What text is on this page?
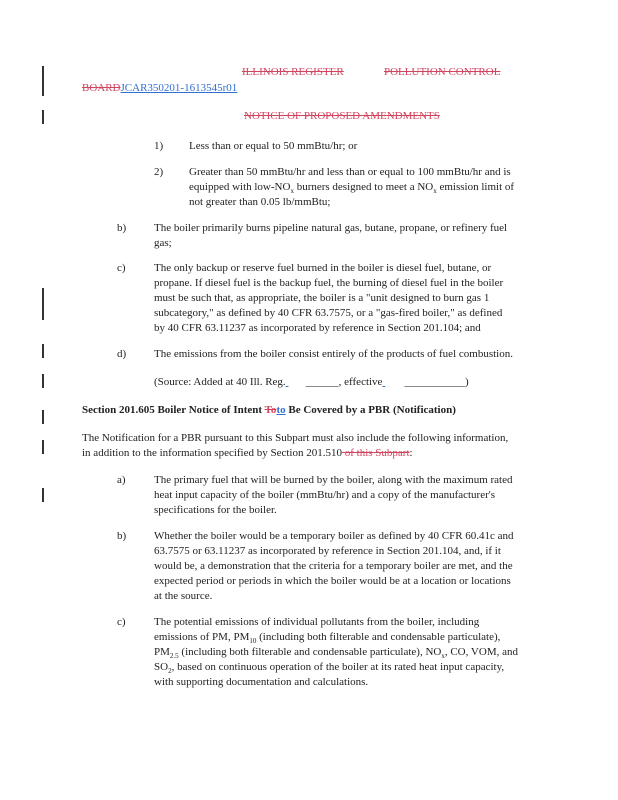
ILLINOIS REGISTER	POLLUTION CONTROL
BOARDJCAR350201-1613545r01
NOTICE OF PROPOSED AMENDMENTS
1) Less than or equal to 50 mmBtu/hr; or
2) Greater than 50 mmBtu/hr and less than or equal to 100 mmBtu/hr and is
equipped with low-$NO_x$ burners designed to meet a $NO_x$ emission limit of
not greater than 0.05 lb/mmBtu;
b)	The boiler primarily burns pipeline natural gas, butane, propane, or refinery fuel
gas;
c)	The only backup or reserve fuel burned in the boiler is diesel fuel, butane, or
propane. If diesel fuel is the backup fuel, the burning of diesel fuel in the boiler
must be such that, as appropriate, the boiler is a "unit designed to burn gas 1
subcategory," as defined by 40 CFR 63.7575, or a "gas-fired boiler," as defined
by 40 CFR 63.11237 as incorporated by reference in Section 201.104; and
d)	The emissions from the boiler consist entirely of the products of fuel combustion.
(Source: Added at 40 Ill. Reg. ______, effective ___________)
Section 201.605 Boiler Notice of Intent Toto Be Covered by a PBR (Notification)
The Notification for a PBR pursuant to this Subpart must also include the following information,
in addition to the information specified by Section 201.510 of this Subpart:
a)	The primary fuel that will be burned by the boiler, along with the maximum rated
heat input capacity of the boiler (mmBtu/hr) and a copy of the manufacturer's
specifications for the boiler.
b)	Whether the boiler would be a temporary boiler as defined by 40 CFR 60.41c and
63.7575 or 63.11237 as incorporated by reference in Section 201.104, and, if it
would be, a demonstration that the criteria for a temporary boiler are met, and the
expected period or periods in which the boiler would be at a location or locations
at the source.
c)	The potential emissions of individual pollutants from the boiler, including
emissions of PM, $PM_{10}$ (including both filterable and condensable particulate),
$PM_{2.5}$ (including both filterable and condensable particulate), $NO_x$, CO, VOM, and
$SO_2$, based on continuous operation of the boiler at its rated heat input capacity,
with supporting documentation and calculations.
